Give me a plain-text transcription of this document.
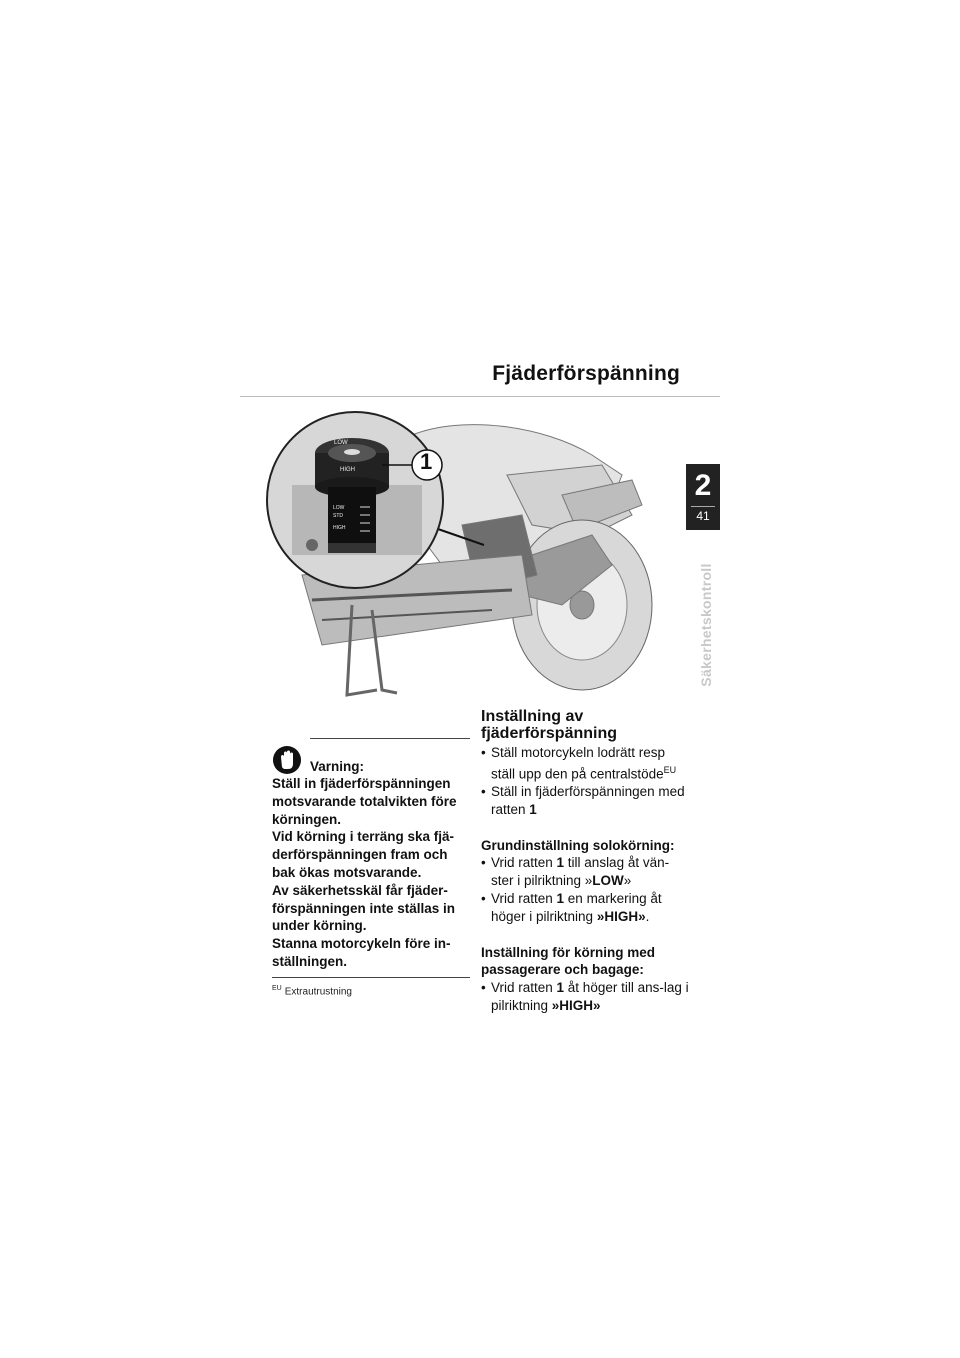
Fjäderförspänning
2
41
Säkerhetskontroll
LOW
HIGH
LOW
STD
HIGH
1
Varning:

Ställ in fjäderförspänningen motsvarande totalvikten före körningen.

Vid körning i terräng ska fjä-derförspänningen fram och bak ökas motsvarande.

Av säkerhetsskäl får fjäder-förspänningen inte ställas in under körning.

Stanna motorcykeln före in-ställningen.

$^{EU}$ Extrautrustning
Inställning av fjäderförspänning
• Ställ motorcykeln lodrätt resp ställ upp den på centralstöde$^{EU}$
• Ställ in fjäderförspänningen med ratten 1

Grundinställning solokörning:

• Vrid ratten 1 till anslag åt vän-ster i pilriktning »LOW»
• Vrid ratten 1 en markering åt höger i pilriktning »HIGH».

Inställning för körning med passagerare och bagage:

• Vrid ratten 1 åt höger till ans-lag i pilriktning »HIGH»
